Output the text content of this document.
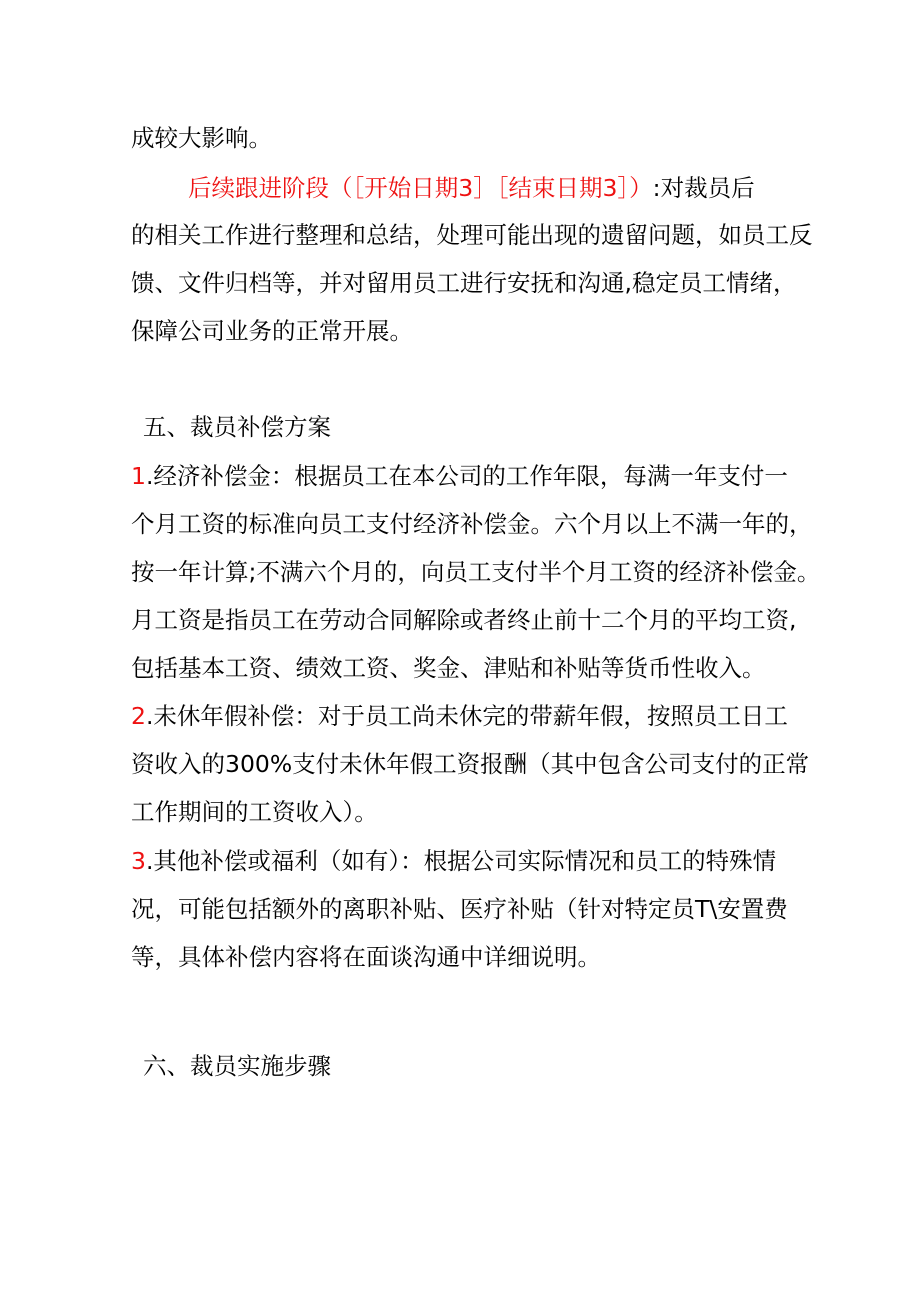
成较大影响。
后续跟进阶段（［开始日期3］［结束日期3］）:对裁员后
的相关工作进行整理和总结，处理可能出现的遗留问题，如员工反
馈、文件归档等，并对留用员工进行安抚和沟通,稳定员工情绪，
保障公司业务的正常开展。
五、裁员补偿方案
1.经济补偿金：根据员工在本公司的工作年限，每满一年支付一
个月工资的标准向员工支付经济补偿金。六个月以上不满一年的，
按一年计算;不满六个月的，向员工支付半个月工资的经济补偿金。
月工资是指员工在劳动合同解除或者终止前十二个月的平均工资,
包括基本工资、绩效工资、奖金、津贴和补贴等货币性收入。
2.未休年假补偿：对于员工尚未休完的带薪年假，按照员工日工
资收入的300%支付未休年假工资报酬（其中包含公司支付的正常
工作期间的工资收入）。
3.其他补偿或福利（如有）：根据公司实际情况和员工的特殊情
况，可能包括额外的离职补贴、医疗补贴（针对特定员T\安置费
等，具体补偿内容将在面谈沟通中详细说明。
六、裁员实施步骤
